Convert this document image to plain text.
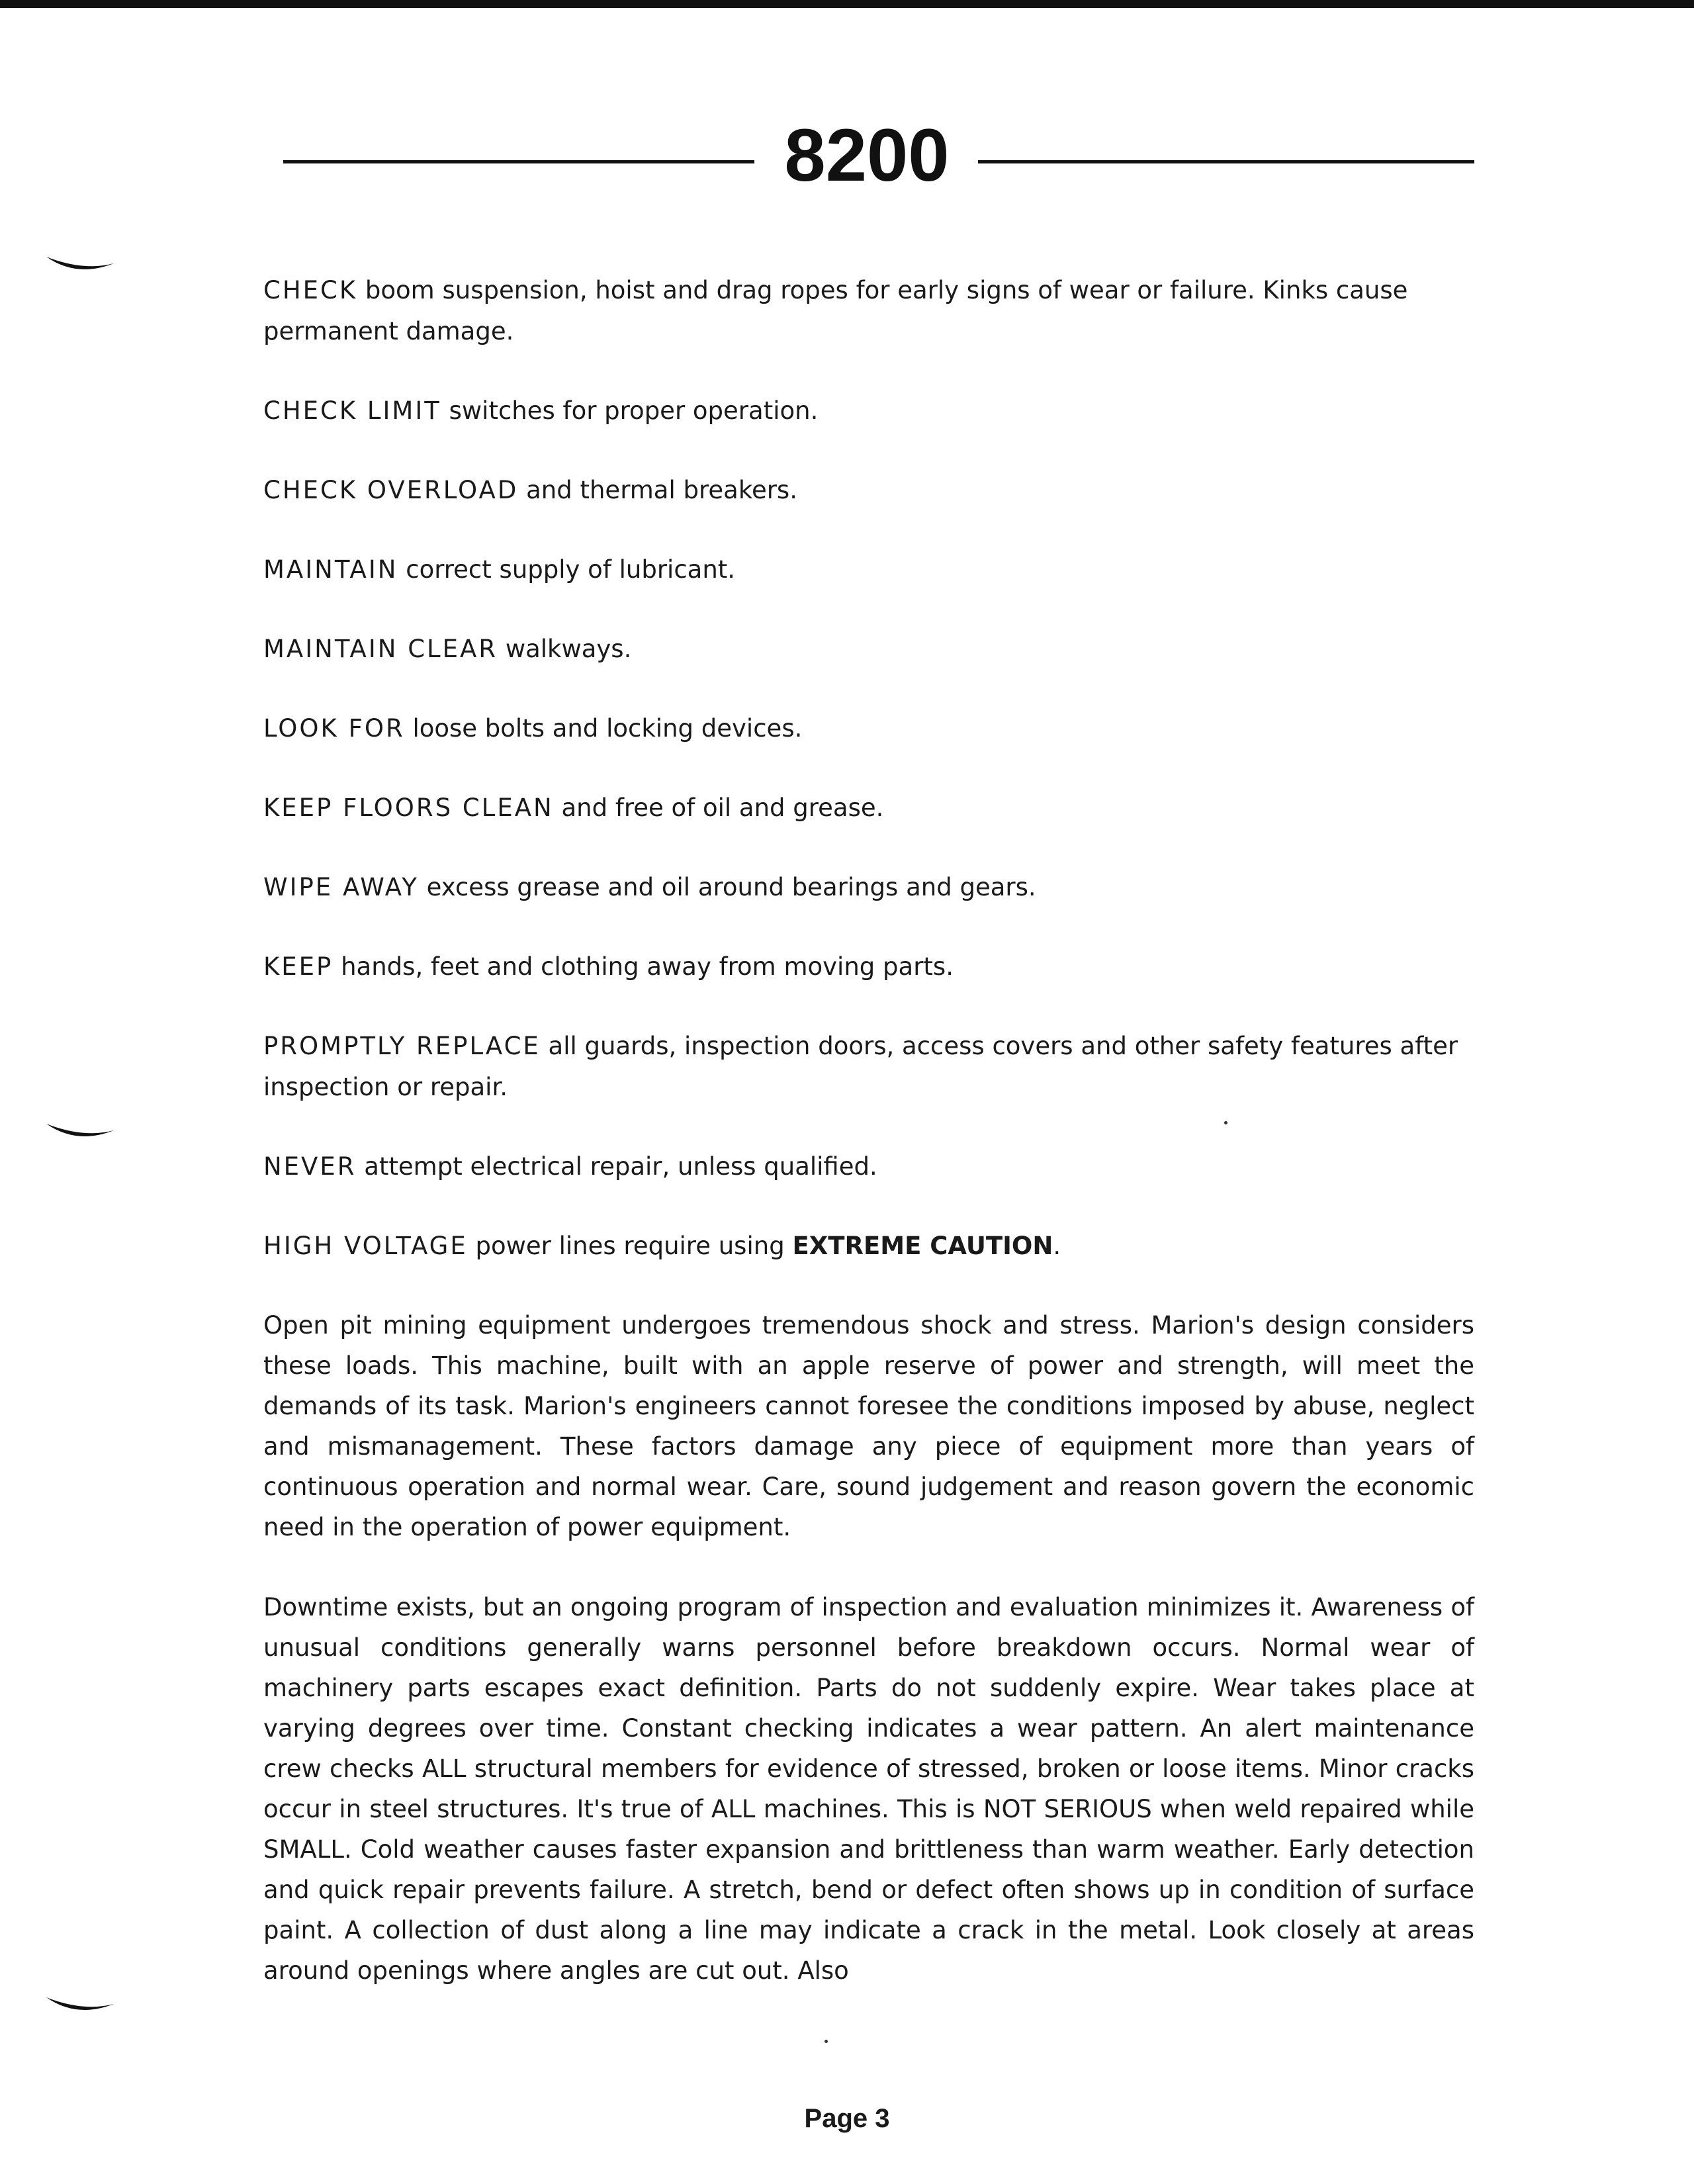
8200
CHECK boom suspension, hoist and drag ropes for early signs of wear or failure. Kinks cause permanent damage.
CHECK LIMIT switches for proper operation.
CHECK OVERLOAD and thermal breakers.
MAINTAIN correct supply of lubricant.
MAINTAIN CLEAR walkways.
LOOK FOR loose bolts and locking devices.
KEEP FLOORS CLEAN and free of oil and grease.
WIPE AWAY excess grease and oil around bearings and gears.
KEEP hands, feet and clothing away from moving parts.
PROMPTLY REPLACE all guards, inspection doors, access covers and other safety features after inspection or repair.
NEVER attempt electrical repair, unless qualified.
HIGH VOLTAGE power lines require using EXTREME CAUTION.

Open pit mining equipment undergoes tremendous shock and stress. Marion's design considers these loads. This machine, built with an apple reserve of power and strength, will meet the demands of its task. Marion's engineers cannot foresee the conditions imposed by abuse, neglect and mismanagement. These factors damage any piece of equipment more than years of continuous operation and normal wear. Care, sound judgement and reason govern the economic need in the operation of power equipment.

Downtime exists, but an ongoing program of inspection and evaluation minimizes it. Awareness of unusual conditions generally warns personnel before breakdown occurs. Normal wear of machinery parts escapes exact definition. Parts do not suddenly expire. Wear takes place at varying degrees over time. Constant checking indicates a wear pattern. An alert maintenance crew checks ALL structural members for evidence of stressed, broken or loose items. Minor cracks occur in steel structures. It's true of ALL machines. This is NOT SERIOUS when weld repaired while SMALL. Cold weather causes faster expansion and brittleness than warm weather. Early detection and quick repair prevents failure. A stretch, bend or defect often shows up in condition of surface paint. A collection of dust along a line may indicate a crack in the metal. Look closely at areas around openings where angles are cut out. Also

Page 3
